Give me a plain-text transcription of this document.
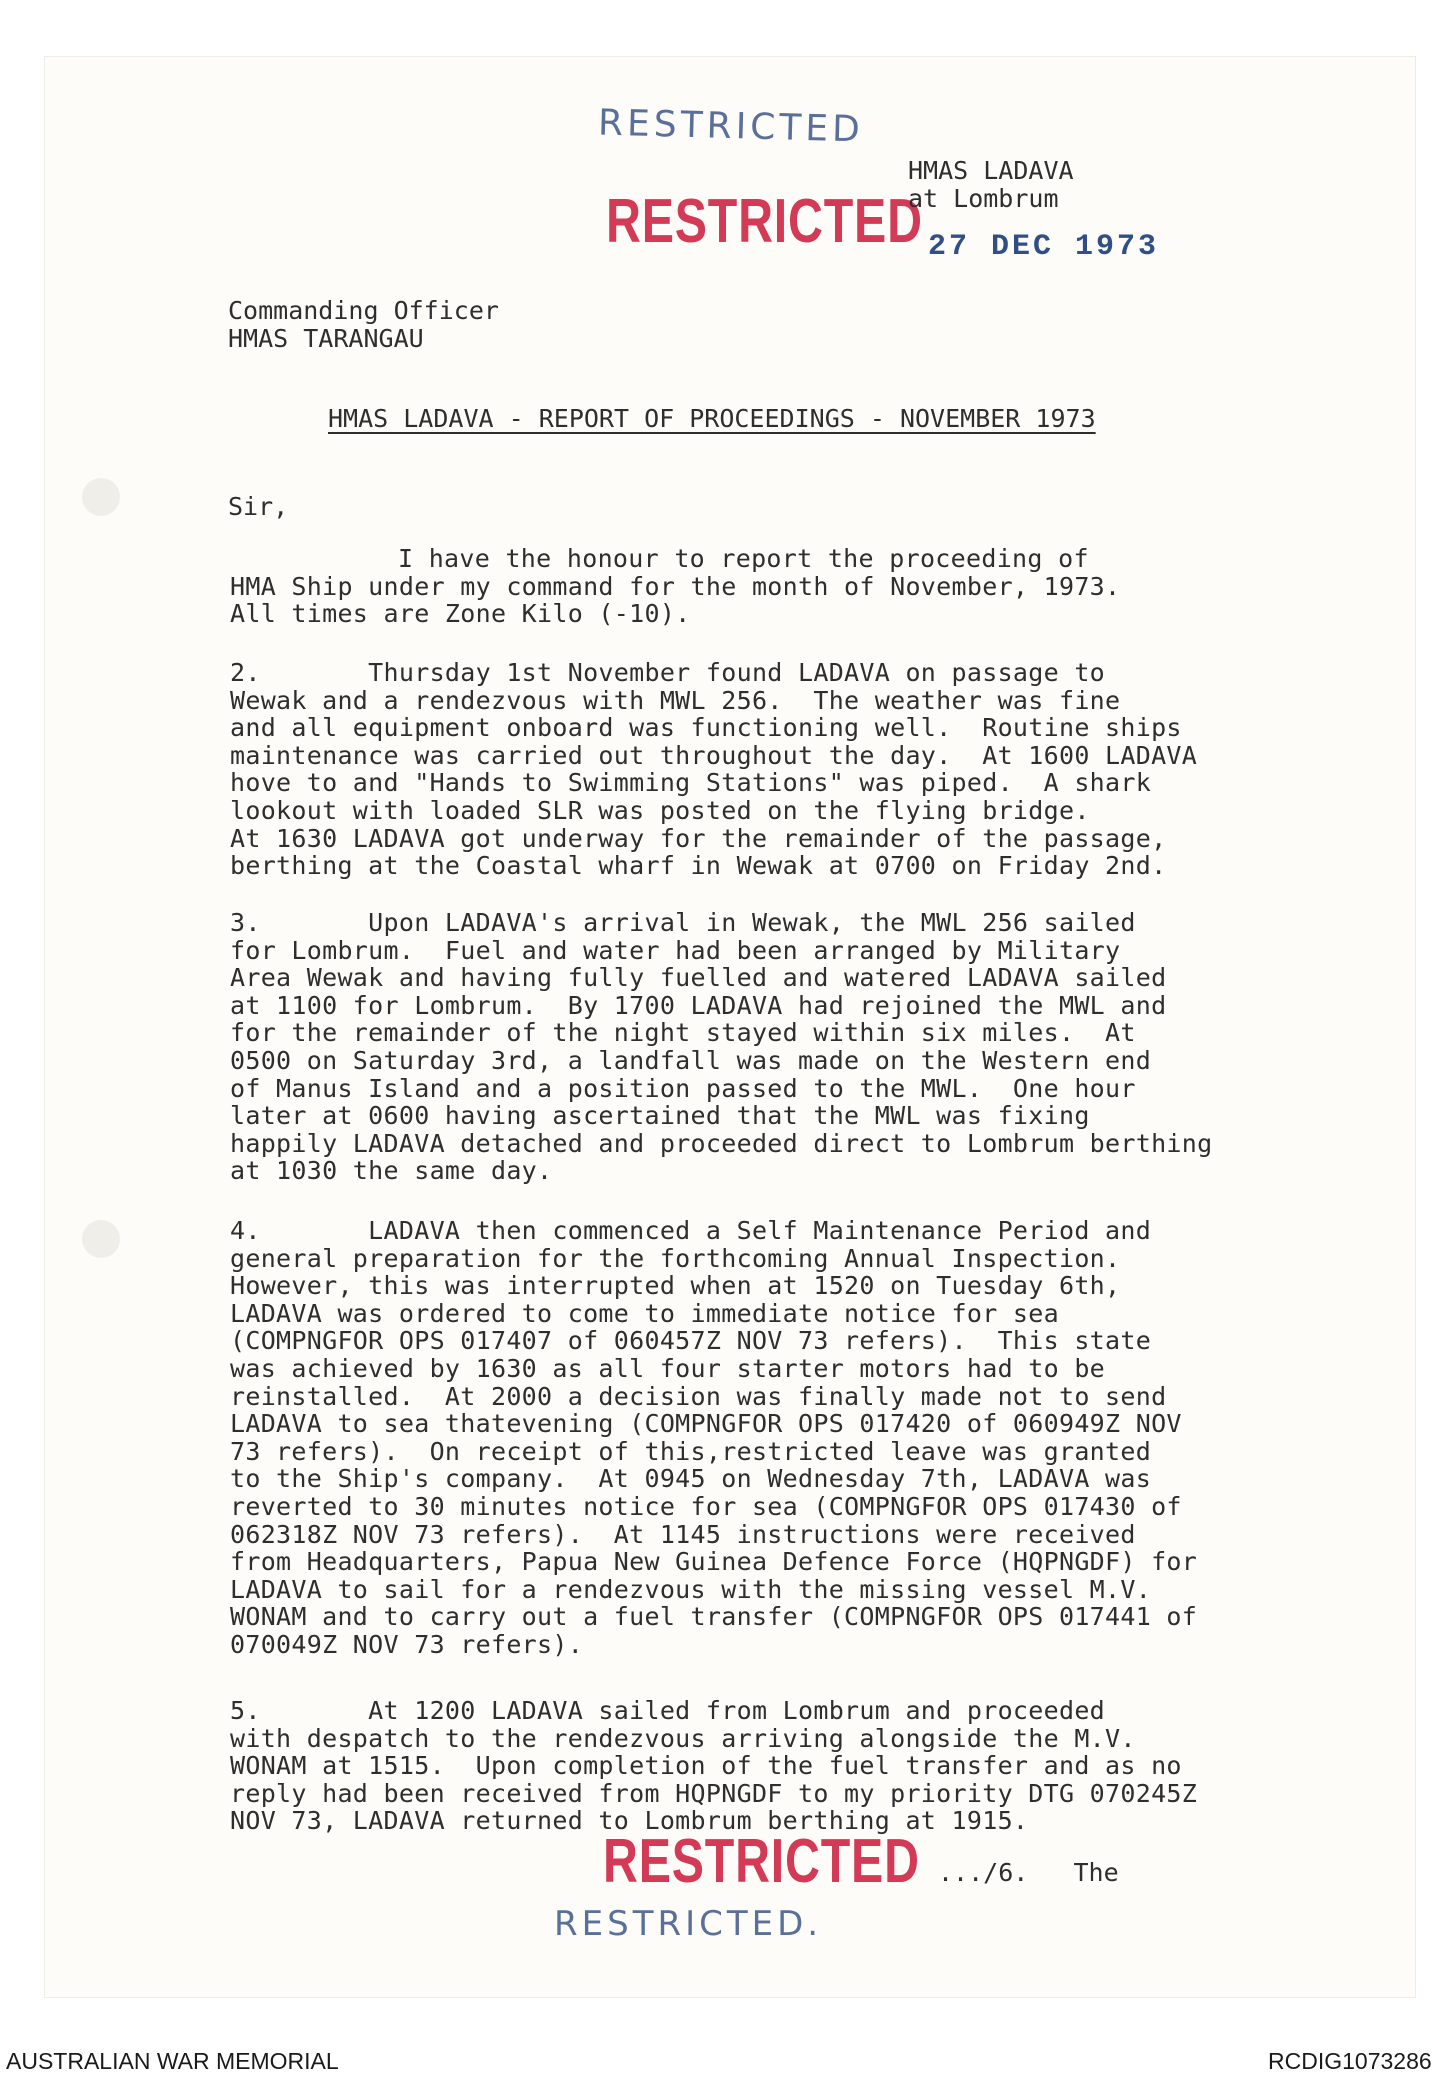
RESTRICTED
RESTRICTED 27 DEC 1973
HMAS LADAVA
at Lombrum
Commanding Officer
HMAS TARANGAU
HMAS LADAVA - REPORT OF PROCEEDINGS - NOVEMBER 1973
Sir,
I have the honour to report the proceeding of
HMA Ship under my command for the month of November, 1973.
All times are Zone Kilo (-10).
2.       Thursday 1st November found LADAVA on passage to
Wewak and a rendezvous with MWL 256.  The weather was fine
and all equipment onboard was functioning well.  Routine ships
maintenance was carried out throughout the day.  At 1600 LADAVA
hove to and "Hands to Swimming Stations" was piped.  A shark
lookout with loaded SLR was posted on the flying bridge.
At 1630 LADAVA got underway for the remainder of the passage,
berthing at the Coastal wharf in Wewak at 0700 on Friday 2nd.
3.       Upon LADAVA's arrival in Wewak, the MWL 256 sailed
for Lombrum.  Fuel and water had been arranged by Military
Area Wewak and having fully fuelled and watered LADAVA sailed
at 1100 for Lombrum.  By 1700 LADAVA had rejoined the MWL and
for the remainder of the night stayed within six miles.  At
0500 on Saturday 3rd, a landfall was made on the Western end
of Manus Island and a position passed to the MWL.  One hour
later at 0600 having ascertained that the MWL was fixing
happily LADAVA detached and proceeded direct to Lombrum berthing
at 1030 the same day.
4.       LADAVA then commenced a Self Maintenance Period and
general preparation for the forthcoming Annual Inspection.
However, this was interrupted when at 1520 on Tuesday 6th,
LADAVA was ordered to come to immediate notice for sea
(COMPNGFOR OPS 017407 of 060457Z NOV 73 refers).  This state
was achieved by 1630 as all four starter motors had to be
reinstalled.  At 2000 a decision was finally made not to send
LADAVA to sea thatevening (COMPNGFOR OPS 017420 of 060949Z NOV
73 refers).  On receipt of this,restricted leave was granted
to the Ship's company.  At 0945 on Wednesday 7th, LADAVA was
reverted to 30 minutes notice for sea (COMPNGFOR OPS 017430 of
062318Z NOV 73 refers).  At 1145 instructions were received
from Headquarters, Papua New Guinea Defence Force (HQPNGDF) for
LADAVA to sail for a rendezvous with the missing vessel M.V.
WONAM and to carry out a fuel transfer (COMPNGFOR OPS 017441 of
070049Z NOV 73 refers).
5.       At 1200 LADAVA sailed from Lombrum and proceeded
with despatch to the rendezvous arriving alongside the M.V.
WONAM at 1515.  Upon completion of the fuel transfer and as no
reply had been received from HQPNGDF to my priority DTG 070245Z
NOV 73, LADAVA returned to Lombrum berthing at 1915.
RESTRICTED .../6.   The
RESTRICTED.
AUSTRALIAN WAR MEMORIAL	RCDIG1073286
